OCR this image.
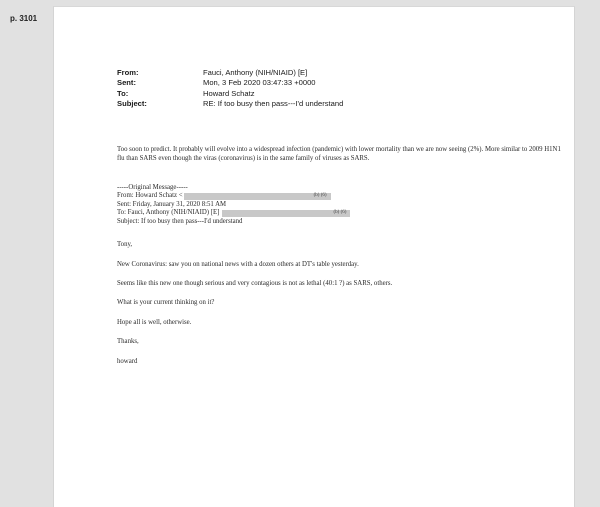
p. 3101
From:	Fauci, Anthony (NIH/NIAID) [E]
Sent:	Mon, 3 Feb 2020 03:47:33 +0000
To:	Howard Schatz
Subject:	RE: If too busy then pass---I'd understand
Too soon to predict. It probably will evolve into a widespread infection (pandemic) with lower mortality than we are now seeing (2%). More similar to 2009 H1N1 flu than SARS even though the viras (coronavirus) is in the same family of viruses as SARS.
-----Original Message-----
From: Howard Schatz <	(b) (6)
Sent: Friday, January 31, 2020 8:51 AM
To: Fauci, Anthony (NIH/NIAID) [E]	(b) (6)
Subject: If too busy then pass---I'd understand
Tony,
New Coronavirus: saw you on national news with a dozen others at DT's table yesterday.
Seems like this new one though serious and very contagious is not as lethal (40:1 ?) as SARS, others.
What is your current thinking on it?
Hope all is well, otherwise.
Thanks,
howard
